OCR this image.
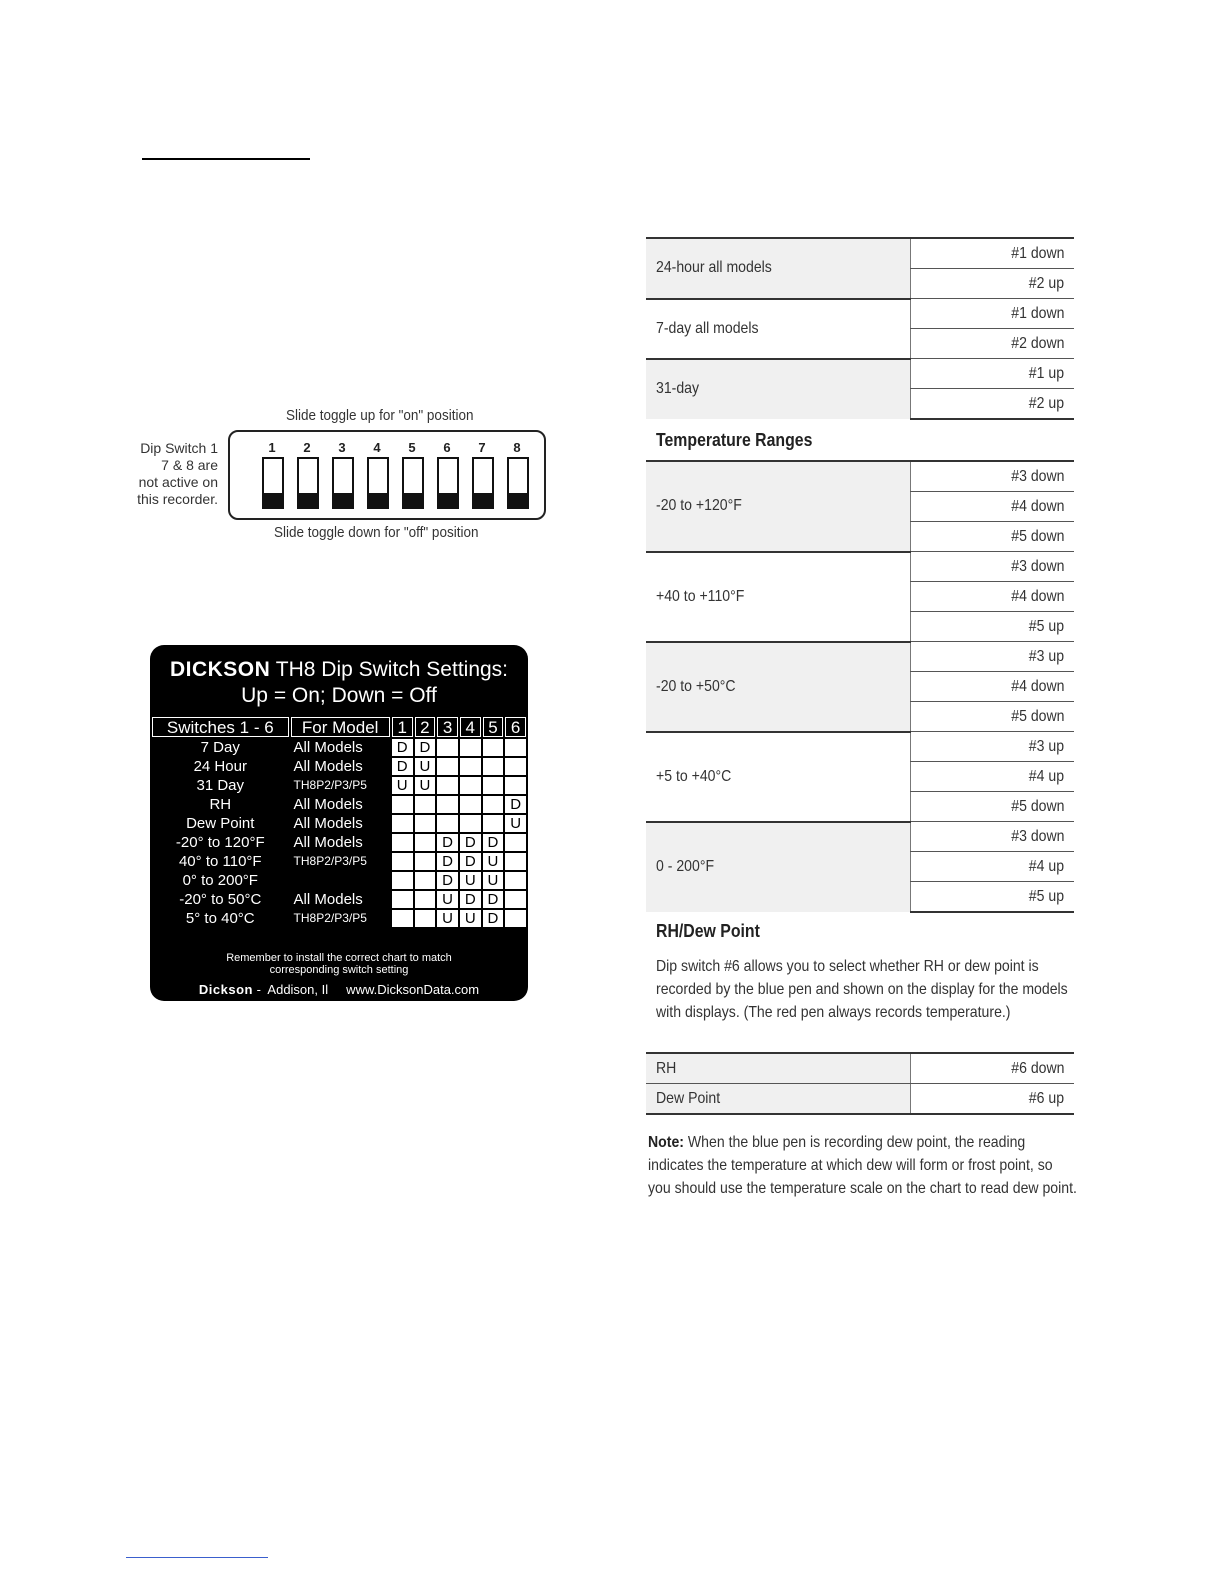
Slide toggle up for "on" position
Dip Switch 1
7 & 8 are
not active on
this recorder.
1	2	3	4	5	6	7	8
Slide toggle down for "off" position
DICKSON TH8 Dip Switch Settings:
Up = On; Down = Off
Switches 1 - 6	For Model	1	2	3	4	5	6
7 Day	All Models	D	D				
24 Hour	All Models	D	U				
31 Day	TH8P2/P3/P5	U	U				
RH	All Models						D
Dew Point	All Models						U
-20° to 120°F	All Models			D	D	D	
40° to 110°F	TH8P2/P3/P5			D	D	U	
0° to 200°F				D	U	U	
-20° to 50°C	All Models			U	D	D	
5° to 40°C	TH8P2/P3/P5			U	U	D	
Remember to install the correct chart to match
corresponding switch setting
Dickson -  Addison, Il     www.DicksonData.com
24-hour all models	#1 down
	#2 up
7-day all models	#1 down
	#2 down
31-day	#1 up
	#2 up
Temperature Ranges
-20 to +120°F	#3 down
	#4 down
	#5 down
+40 to +110°F	#3 down
	#4 down
	#5 up
-20 to +50°C	#3 up
	#4 down
	#5 down
+5 to +40°C	#3 up
	#4 up
	#5 down
0 - 200°F	#3 down
	#4 up
	#5 up
RH/Dew Point
Dip switch #6 allows you to select whether RH or dew point is recorded by the blue pen and shown on the display for the models with displays. (The red pen always records temperature.)
RH	#6 down
Dew Point	#6 up
Note: When the blue pen is recording dew point, the reading indicates the temperature at which dew will form or frost point, so you should use the temperature scale on the chart to read dew point.
